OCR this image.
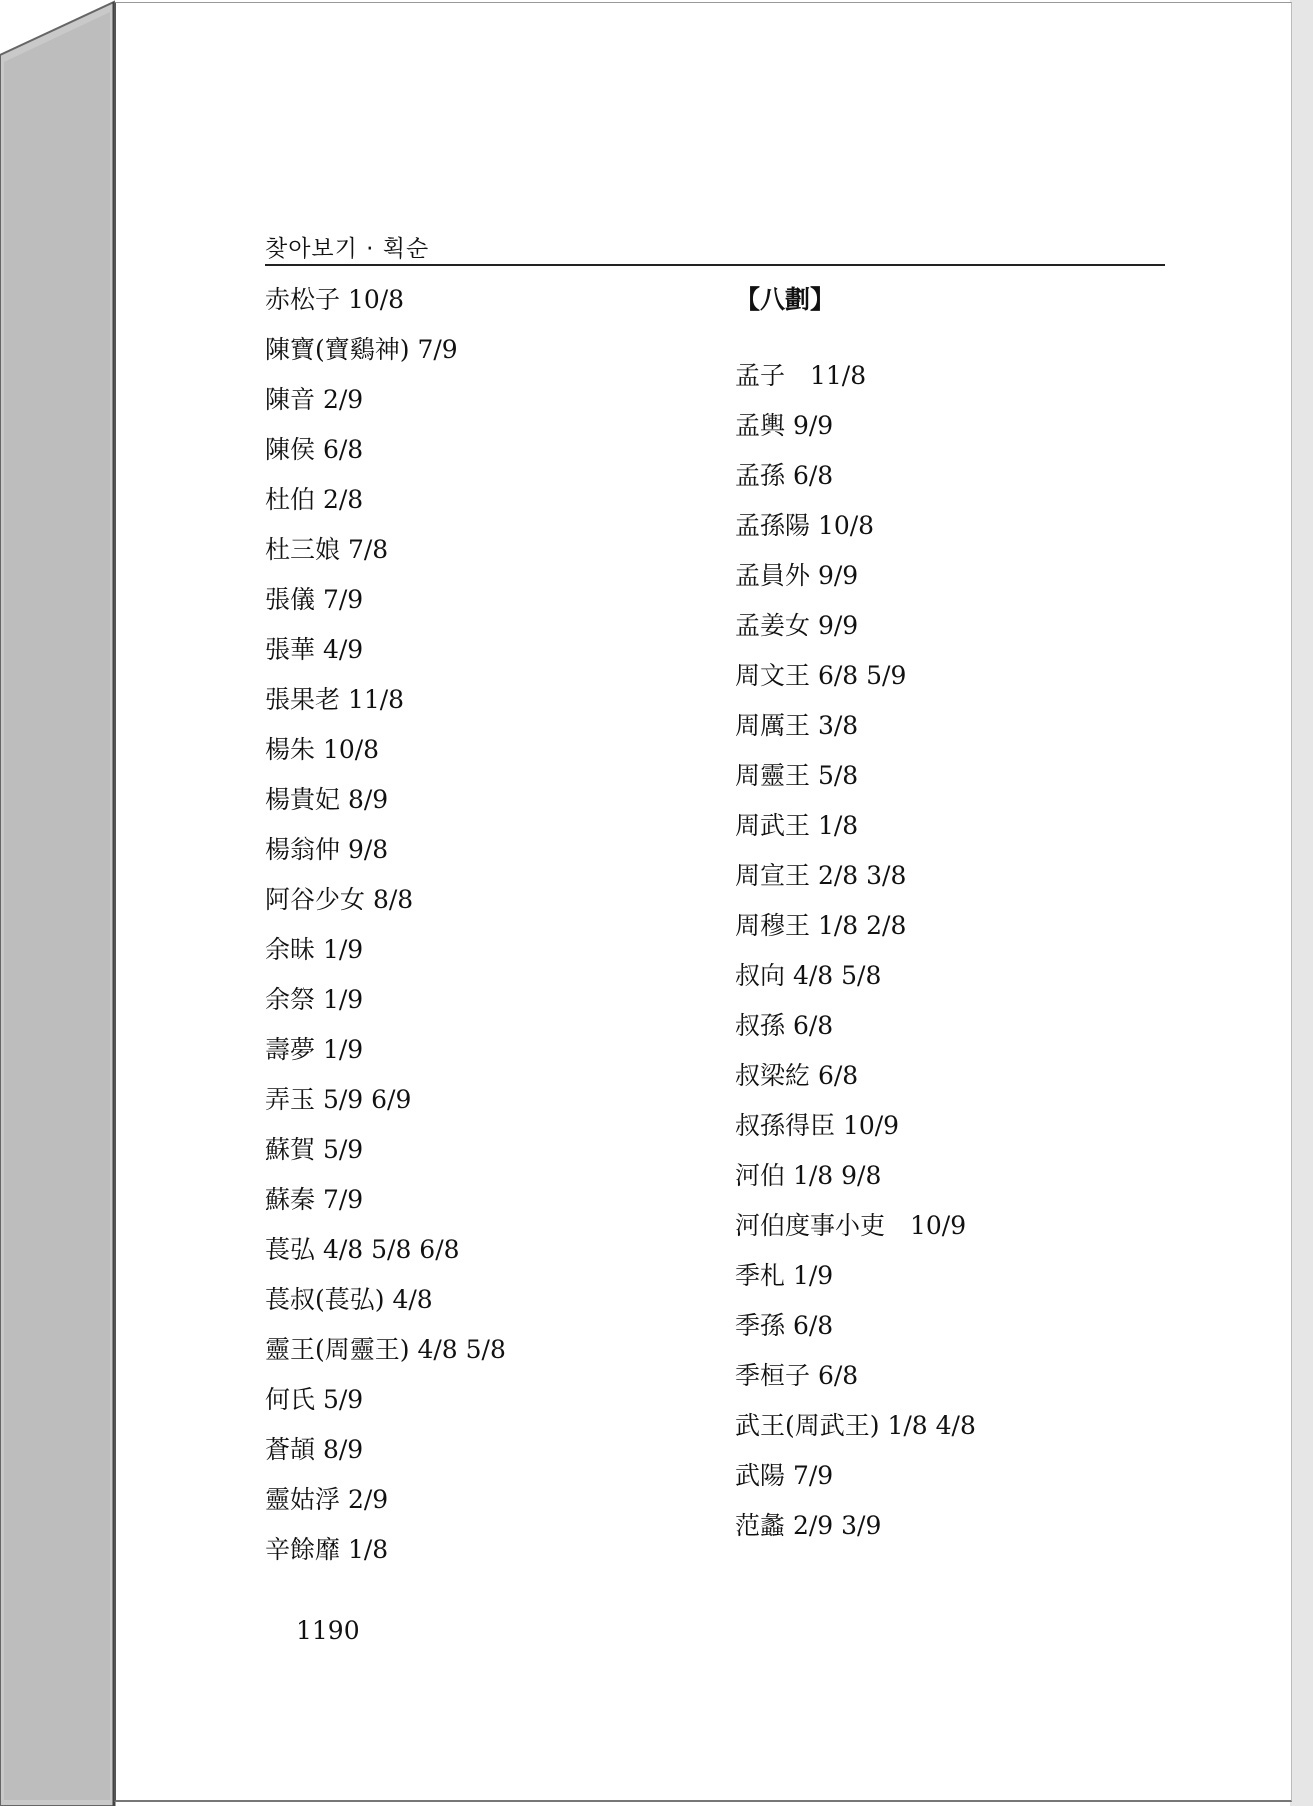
찾아보기 · 획순
赤松子 10/8
陳寶(寶鷄神) 7/9
陳音 2/9
陳侯 6/8
杜伯 2/8
杜三娘 7/8
張儀 7/9
張華 4/9
張果老 11/8
楊朱 10/8
楊貴妃 8/9
楊翁仲 9/8
阿谷少女 8/8
余昧 1/9
余祭 1/9
壽夢 1/9
弄玉 5/9 6/9
蘇賀 5/9
蘇秦 7/9
萇弘 4/8 5/8 6/8
萇叔(萇弘) 4/8
靈王(周靈王) 4/8 5/8
何氏 5/9
蒼頡 8/9
靈姑浮 2/9
辛餘靡 1/8
【八劃】
孟子　11/8
孟輿 9/9
孟孫 6/8
孟孫陽 10/8
孟員外 9/9
孟姜女 9/9
周文王 6/8 5/9
周厲王 3/8
周靈王 5/8
周武王 1/8
周宣王 2/8 3/8
周穆王 1/8 2/8
叔向 4/8 5/8
叔孫 6/8
叔梁紇 6/8
叔孫得臣 10/9
河伯 1/8 9/8
河伯度事小吏　10/9
季札 1/9
季孫 6/8
季桓子 6/8
武王(周武王) 1/8 4/8
武陽 7/9
范蠡 2/9 3/9
1190
